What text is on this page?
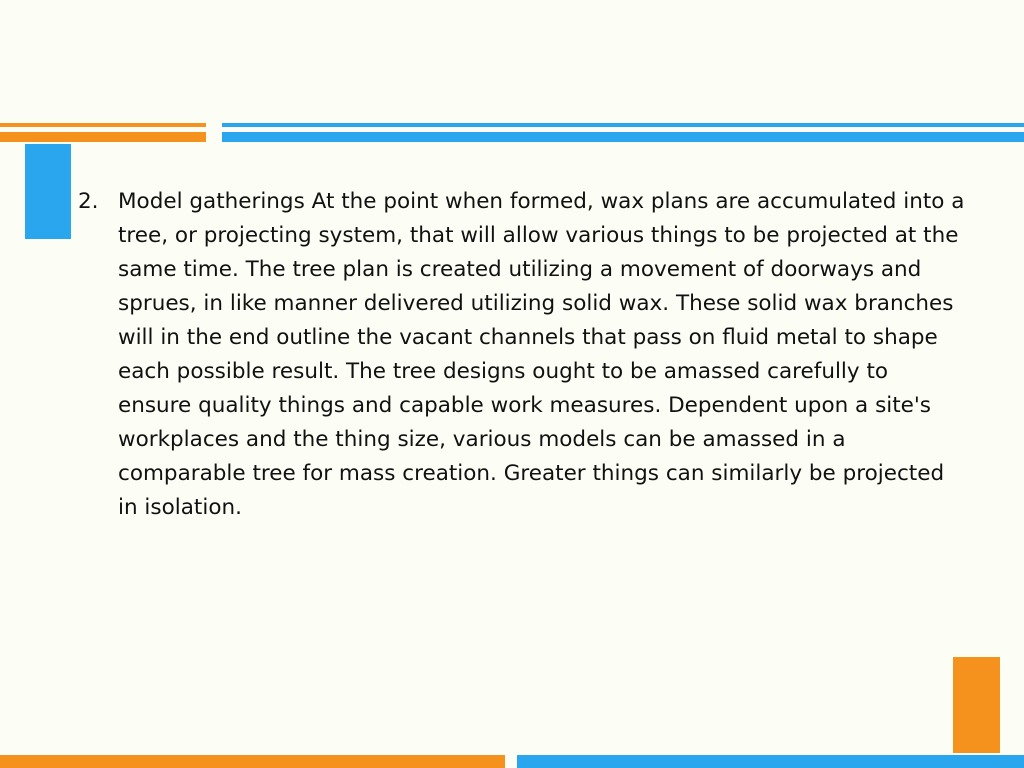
2. Model gatherings At the point when formed, wax plans are accumulated into a tree, or projecting system, that will allow various things to be projected at the same time. The tree plan is created utilizing a movement of doorways and sprues, in like manner delivered utilizing solid wax. These solid wax branches will in the end outline the vacant channels that pass on fluid metal to shape each possible result. The tree designs ought to be amassed carefully to ensure quality things and capable work measures. Dependent upon a site's workplaces and the thing size, various models can be amassed in a comparable tree for mass creation. Greater things can similarly be projected in isolation.
